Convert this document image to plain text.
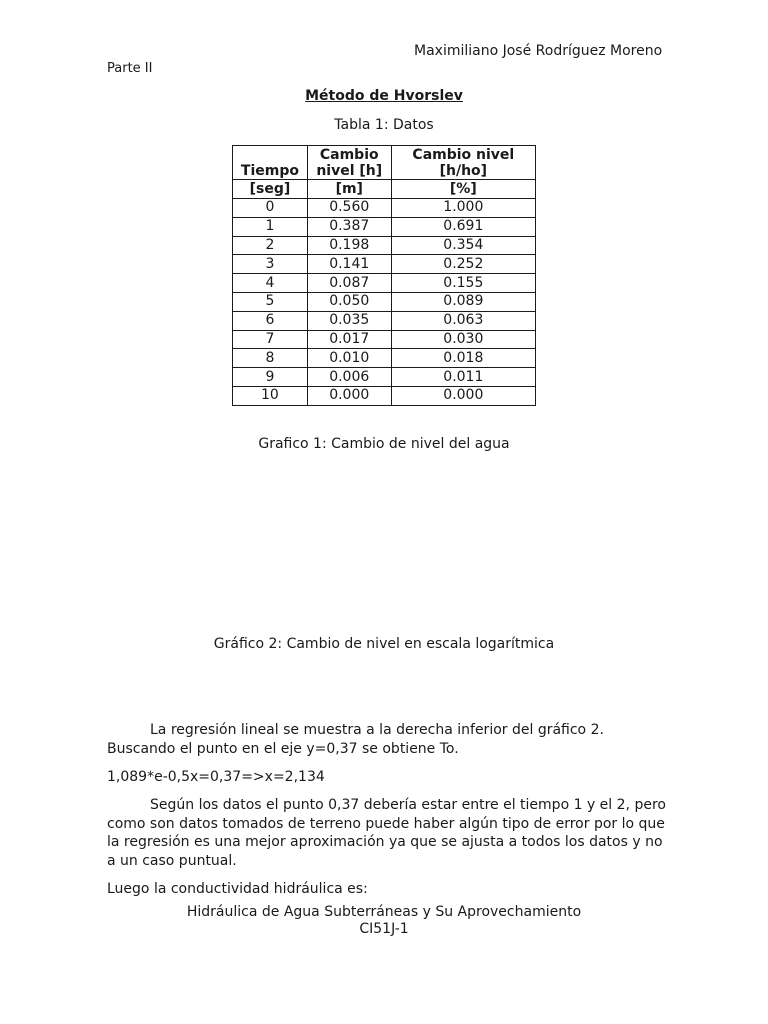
Maximiliano José Rodríguez Moreno
Parte II
Método de Hvorslev
Tabla 1: Datos
Tiempo	Cambio nivel [h]	Cambio nivel [h/ho]
[seg]	[m]	[%]
0	0.560	1.000
1	0.387	0.691
2	0.198	0.354
3	0.141	0.252
4	0.087	0.155
5	0.050	0.089
6	0.035	0.063
7	0.017	0.030
8	0.010	0.018
9	0.006	0.011
10	0.000	0.000
Grafico 1: Cambio de nivel del agua
Gráfico 2: Cambio de nivel en escala logarítmica
La regresión lineal se muestra a la derecha inferior del gráfico 2. Buscando el punto en el eje y=0,37 se obtiene To.
1,089*e-0,5x=0,37=>x=2,134
Según los datos el punto 0,37 debería estar entre el tiempo 1 y el 2, pero como son datos tomados de terreno puede haber algún tipo de error por lo que la regresión es una mejor aproximación ya que se ajusta a todos los datos y no a un caso puntual.
Luego la conductividad hidráulica es:
Hidráulica de Agua Subterráneas y Su Aprovechamiento
CI51J-1
